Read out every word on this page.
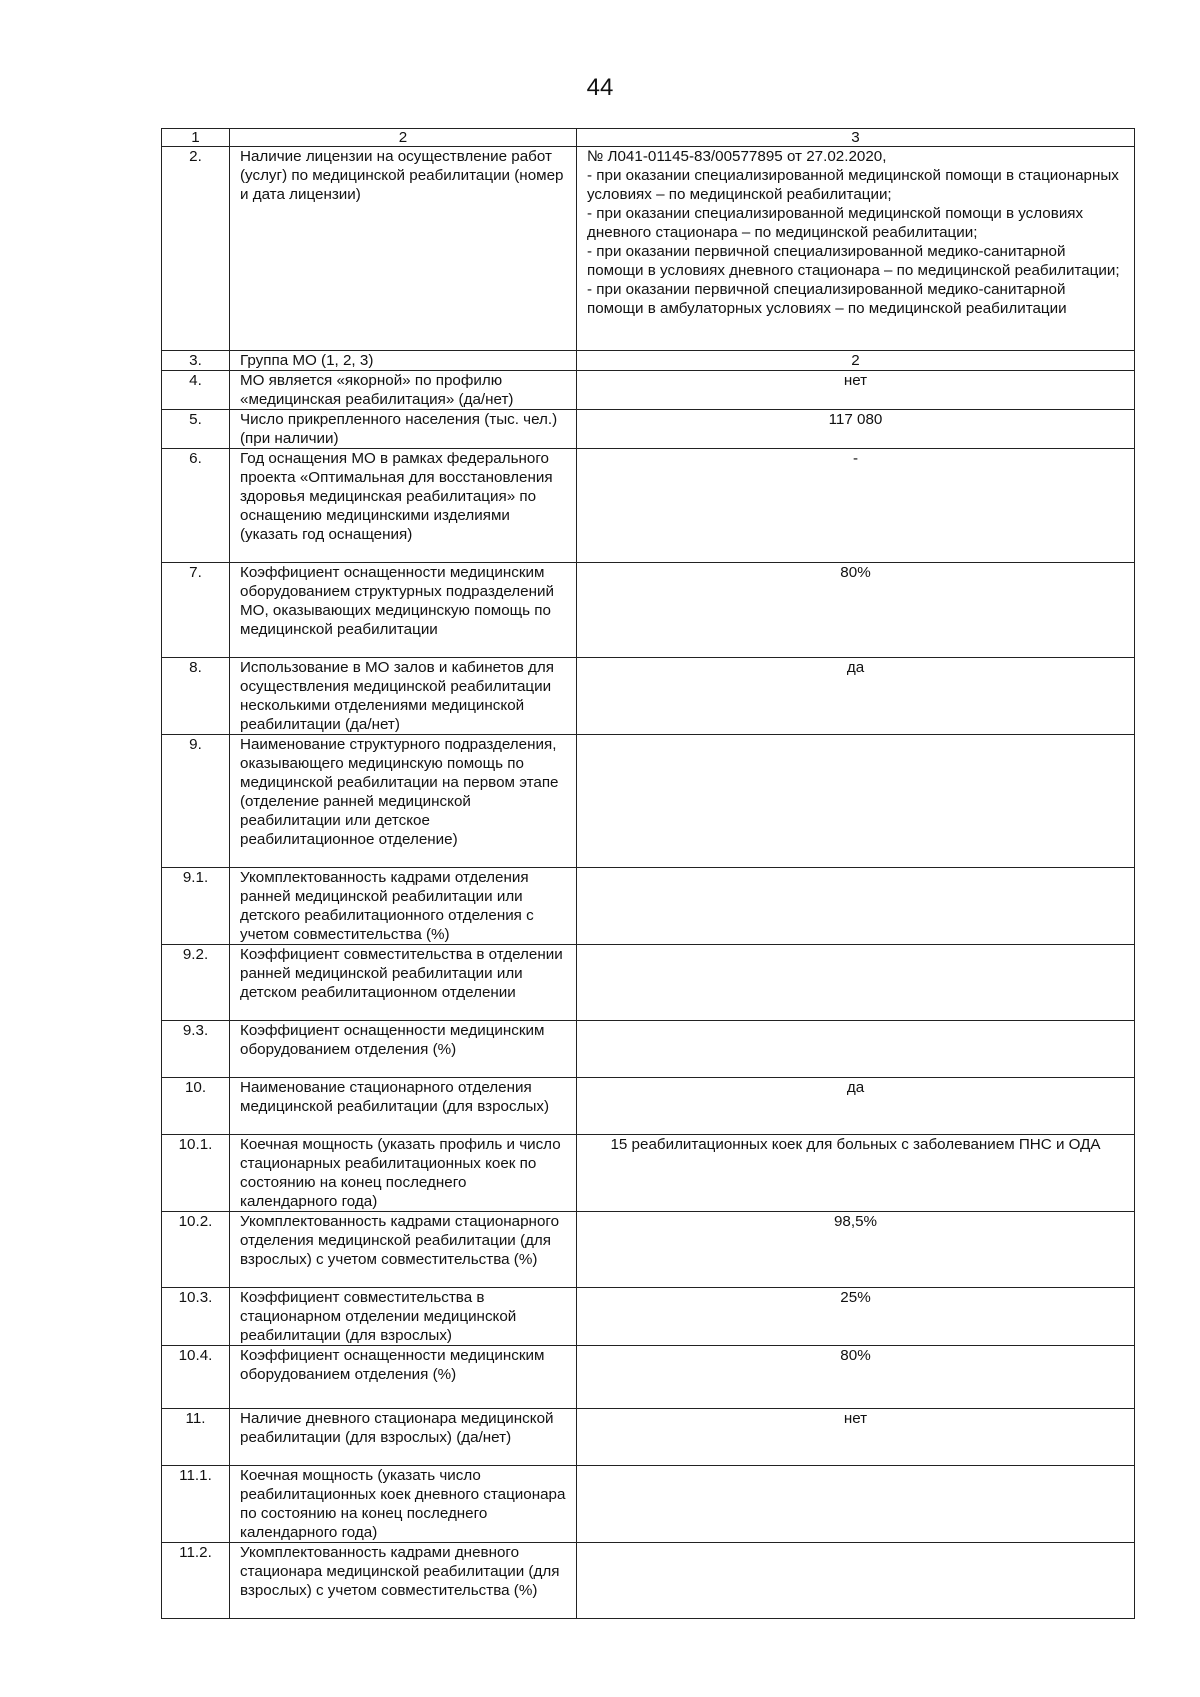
44
1	2	3
2.	Наличие лицензии на осуществление работ (услуг) по медицинской реабилитации (номер и дата лицензии)	№ Л041-01145-83/00577895 от 27.02.2020,
- при оказании специализированной медицинской помощи в стационарных условиях – по медицинской реабилитации;
- при оказании специализированной медицинской помощи в условиях дневного стационара – по медицинской реабилитации;
- при оказании первичной специализированной медико-санитарной помощи в условиях дневного стационара – по медицинской реабилитации;
- при оказании первичной специализированной медико-санитарной помощи в амбулаторных условиях – по медицинской реабилитации

3.	Группа МО (1, 2, 3)	2
4.	МО является «якорной» по профилю «медицинская реабилитация» (да/нет)	нет
5.	Число прикрепленного населения (тыс. чел.) (при наличии)	117 080
6.	Год оснащения МО в рамках федерального проекта «Оптимальная для восстановления здоровья медицинская реабилитация» по оснащению медицинскими изделиями (указать год оснащения)	-
7.	Коэффициент оснащенности медицинским оборудованием структурных подразделений МО, оказывающих медицинскую помощь по медицинской реабилитации	80%
8.	Использование в МО залов и кабинетов для осуществления медицинской реабилитации несколькими отделениями медицинской реабилитации (да/нет)	да
9.	Наименование структурного подразделения, оказывающего медицинскую помощь по медицинской реабилитации на первом этапе (отделение ранней медицинской реабилитации или детское реабилитационное отделение)	
9.1.	Укомплектованность кадрами отделения ранней медицинской реабилитации или детского реабилитационного отделения с учетом совместительства (%)	
9.2.	Коэффициент совместительства в отделении ранней медицинской реабилитации или детском реабилитационном отделении	
9.3.	Коэффициент оснащенности медицинским оборудованием отделения (%)	
10.	Наименование стационарного отделения медицинской реабилитации (для взрослых)	да
10.1.	Коечная мощность (указать профиль и число стационарных реабилитационных коек по состоянию на конец последнего календарного года)	15 реабилитационных коек для больных с заболеванием ПНС и ОДА
10.2.	Укомплектованность кадрами стационарного отделения медицинской реабилитации (для взрослых) с учетом совместительства (%)	98,5%
10.3.	Коэффициент совместительства в стационарном отделении медицинской реабилитации (для взрослых)	25%
10.4.	Коэффициент оснащенности медицинским оборудованием отделения (%)	80%
11.	Наличие дневного стационара медицинской реабилитации (для взрослых) (да/нет)	нет
11.1.	Коечная мощность (указать число реабилитационных коек дневного стационара по состоянию на конец последнего календарного года)	
11.2.	Укомплектованность кадрами дневного стационара медицинской реабилитации (для взрослых) с учетом совместительства (%)	
